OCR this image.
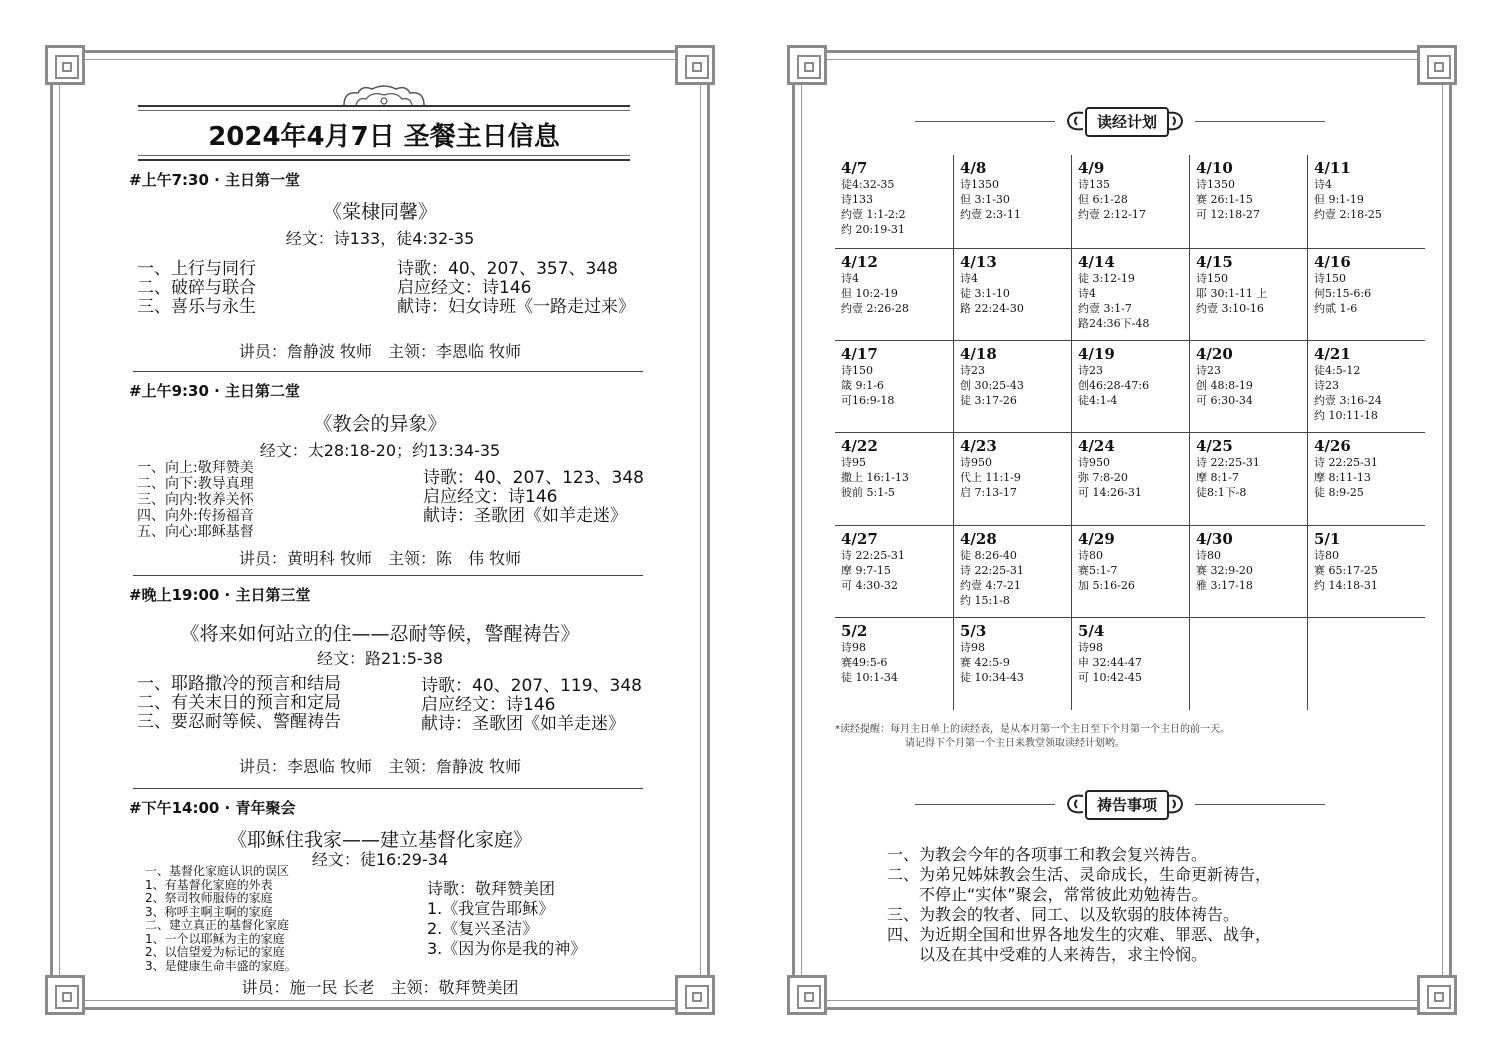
2024年4月7日 圣餐主日信息
#上午7:30 · 主日第一堂
《棠棣同馨》
经文：诗133，徒4:32-35
一、上行与同行
二、破碎与联合
三、喜乐与永生
诗歌：40、207、357、348
启应经文：诗146
献诗：妇女诗班《一路走过来》
讲员：詹静波 牧师　主领：李恩临 牧师
#上午9:30 · 主日第二堂
《教会的异象》
经文：太28:18-20；约13:34-35
一、向上:敬拜赞美
二、向下:教导真理
三、向内:牧养关怀
四、向外:传扬福音
五、向心:耶稣基督
诗歌：40、207、123、348
启应经文：诗146
献诗：圣歌团《如羊走迷》
讲员：黄明科 牧师　主领：陈　伟 牧师
#晚上19:00 · 主日第三堂
《将来如何站立的住——忍耐等候，警醒祷告》
经文：路21:5-38
一、耶路撒冷的预言和结局
二、有关末日的预言和定局
三、要忍耐等候、警醒祷告
诗歌：40、207、119、348
启应经文：诗146
献诗：圣歌团《如羊走迷》
讲员：李恩临 牧师　主领：詹静波 牧师
#下午14:00 · 青年聚会
《耶稣住我家——建立基督化家庭》
经文：徒16:29-34
一、基督化家庭认识的误区
1、有基督化家庭的外表
2、祭司牧师服侍的家庭
3、称呼主啊主啊的家庭
二、建立真正的基督化家庭
1、一个以耶稣为主的家庭
2、以信望爱为标记的家庭
3、是健康生命丰盛的家庭。
诗歌：敬拜赞美团
1.《我宣告耶稣》
2.《复兴圣洁》
3.《因为你是我的神》
讲员：施一民 长老　主领：敬拜赞美团
读经计划
4/7
徒4:32-35
诗133
约壹 1:1-2:2
约 20:19-31
4/8
诗1350
但 3:1-30
约壹 2:3-11
4/9
诗135
但 6:1-28
约壹 2:12-17
4/10
诗1350
赛 26:1-15
可 12:18-27
4/11
诗4
但 9:1-19
约壹 2:18-25
4/12
诗4
但 10:2-19
约壹 2:26-28
4/13
诗4
徒 3:1-10
路 22:24-30
4/14
徒 3:12-19
诗4
约壹 3:1-7
路24:36下-48
4/15
诗150
耶 30:1-11 上
约壹 3:10-16
4/16
诗150
何5:15-6:6
约贰 1-6
4/17
诗150
箴 9:1-6
可16:9-18
4/18
诗23
创 30:25-43
徒 3:17-26
4/19
诗23
创46:28-47:6
徒4:1-4
4/20
诗23
创 48:8-19
可 6:30-34
4/21
徒4:5-12
诗23
约壹 3:16-24
约 10:11-18
4/22
诗95
撒上 16:1-13
彼前 5:1-5
4/23
诗950
代上 11:1-9
启 7:13-17
4/24
诗950
弥 7:8-20
可 14:26-31
4/25
诗 22:25-31
摩 8:1-7
徒8:1下-8
4/26
诗 22:25-31
摩 8:11-13
徒 8:9-25
4/27
诗 22:25-31
摩 9:7-15
可 4:30-32
4/28
徒 8:26-40
诗 22:25-31
约壹 4:7-21
约 15:1-8
4/29
诗80
赛5:1-7
加 5:16-26
4/30
诗80
赛 32:9-20
雅 3:17-18
5/1
诗80
赛 65:17-25
约 14:18-31
5/2
诗98
赛49:5-6
徒 10:1-34
5/3
诗98
赛 42:5-9
徒 10:34-43
5/4
诗98
申 32:44-47
可 10:42-45
*读经提醒：每月主日单上的读经表，是从本月第一个主日至下个月第一个主日的前一天。
请记得下个月第一个主日来教堂领取读经计划哟。
祷告事项
一、为教会今年的各项事工和教会复兴祷告。
二、为弟兄姊妹教会生活、灵命成长，生命更新祷告，
　　不停止“实体”聚会，常常彼此劝勉祷告。
三、为教会的牧者、同工、以及软弱的肢体祷告。
四、为近期全国和世界各地发生的灾难、罪恶、战争，
　　以及在其中受难的人来祷告，求主怜悯。
